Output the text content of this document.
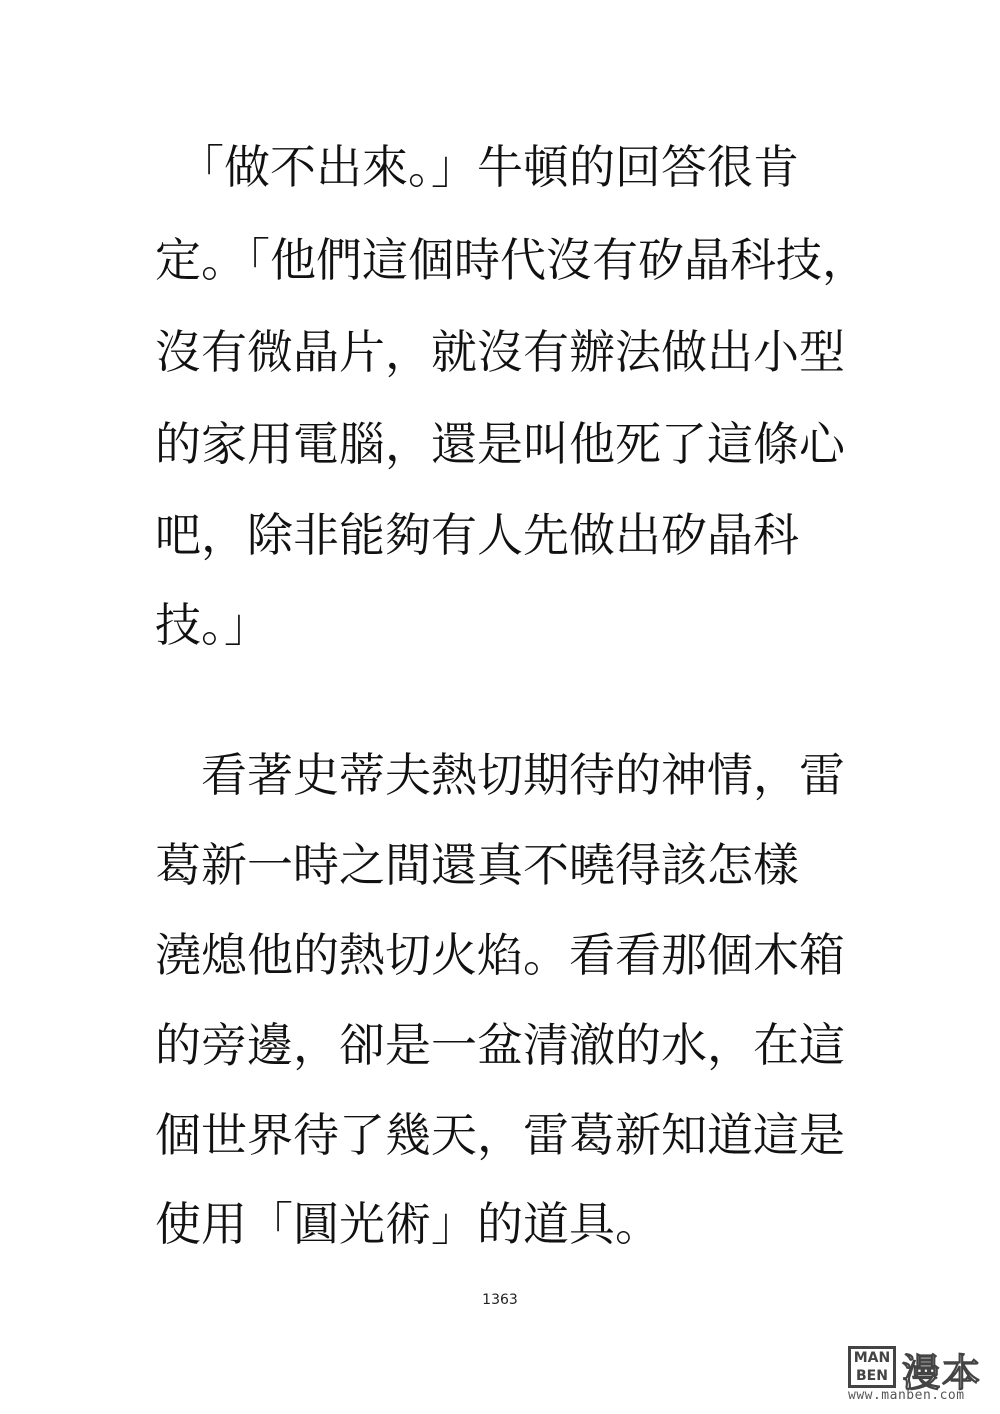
　「做不出來。」牛頓的回答很肯
定。「他們這個時代沒有矽晶科技，
沒有微晶片，就沒有辦法做出小型
的家用電腦，還是叫他死了這條心
吧，除非能夠有人先做出矽晶科
技。」
　看著史蒂夫熱切期待的神情，雷
葛新一時之間還真不曉得該怎樣
澆熄他的熱切火焰。看看那個木箱
的旁邊，卻是一盆清澈的水，在這
個世界待了幾天，雷葛新知道這是
使用「圓光術」的道具。
1363
MAN
BEN 漫本
www.manben.com
